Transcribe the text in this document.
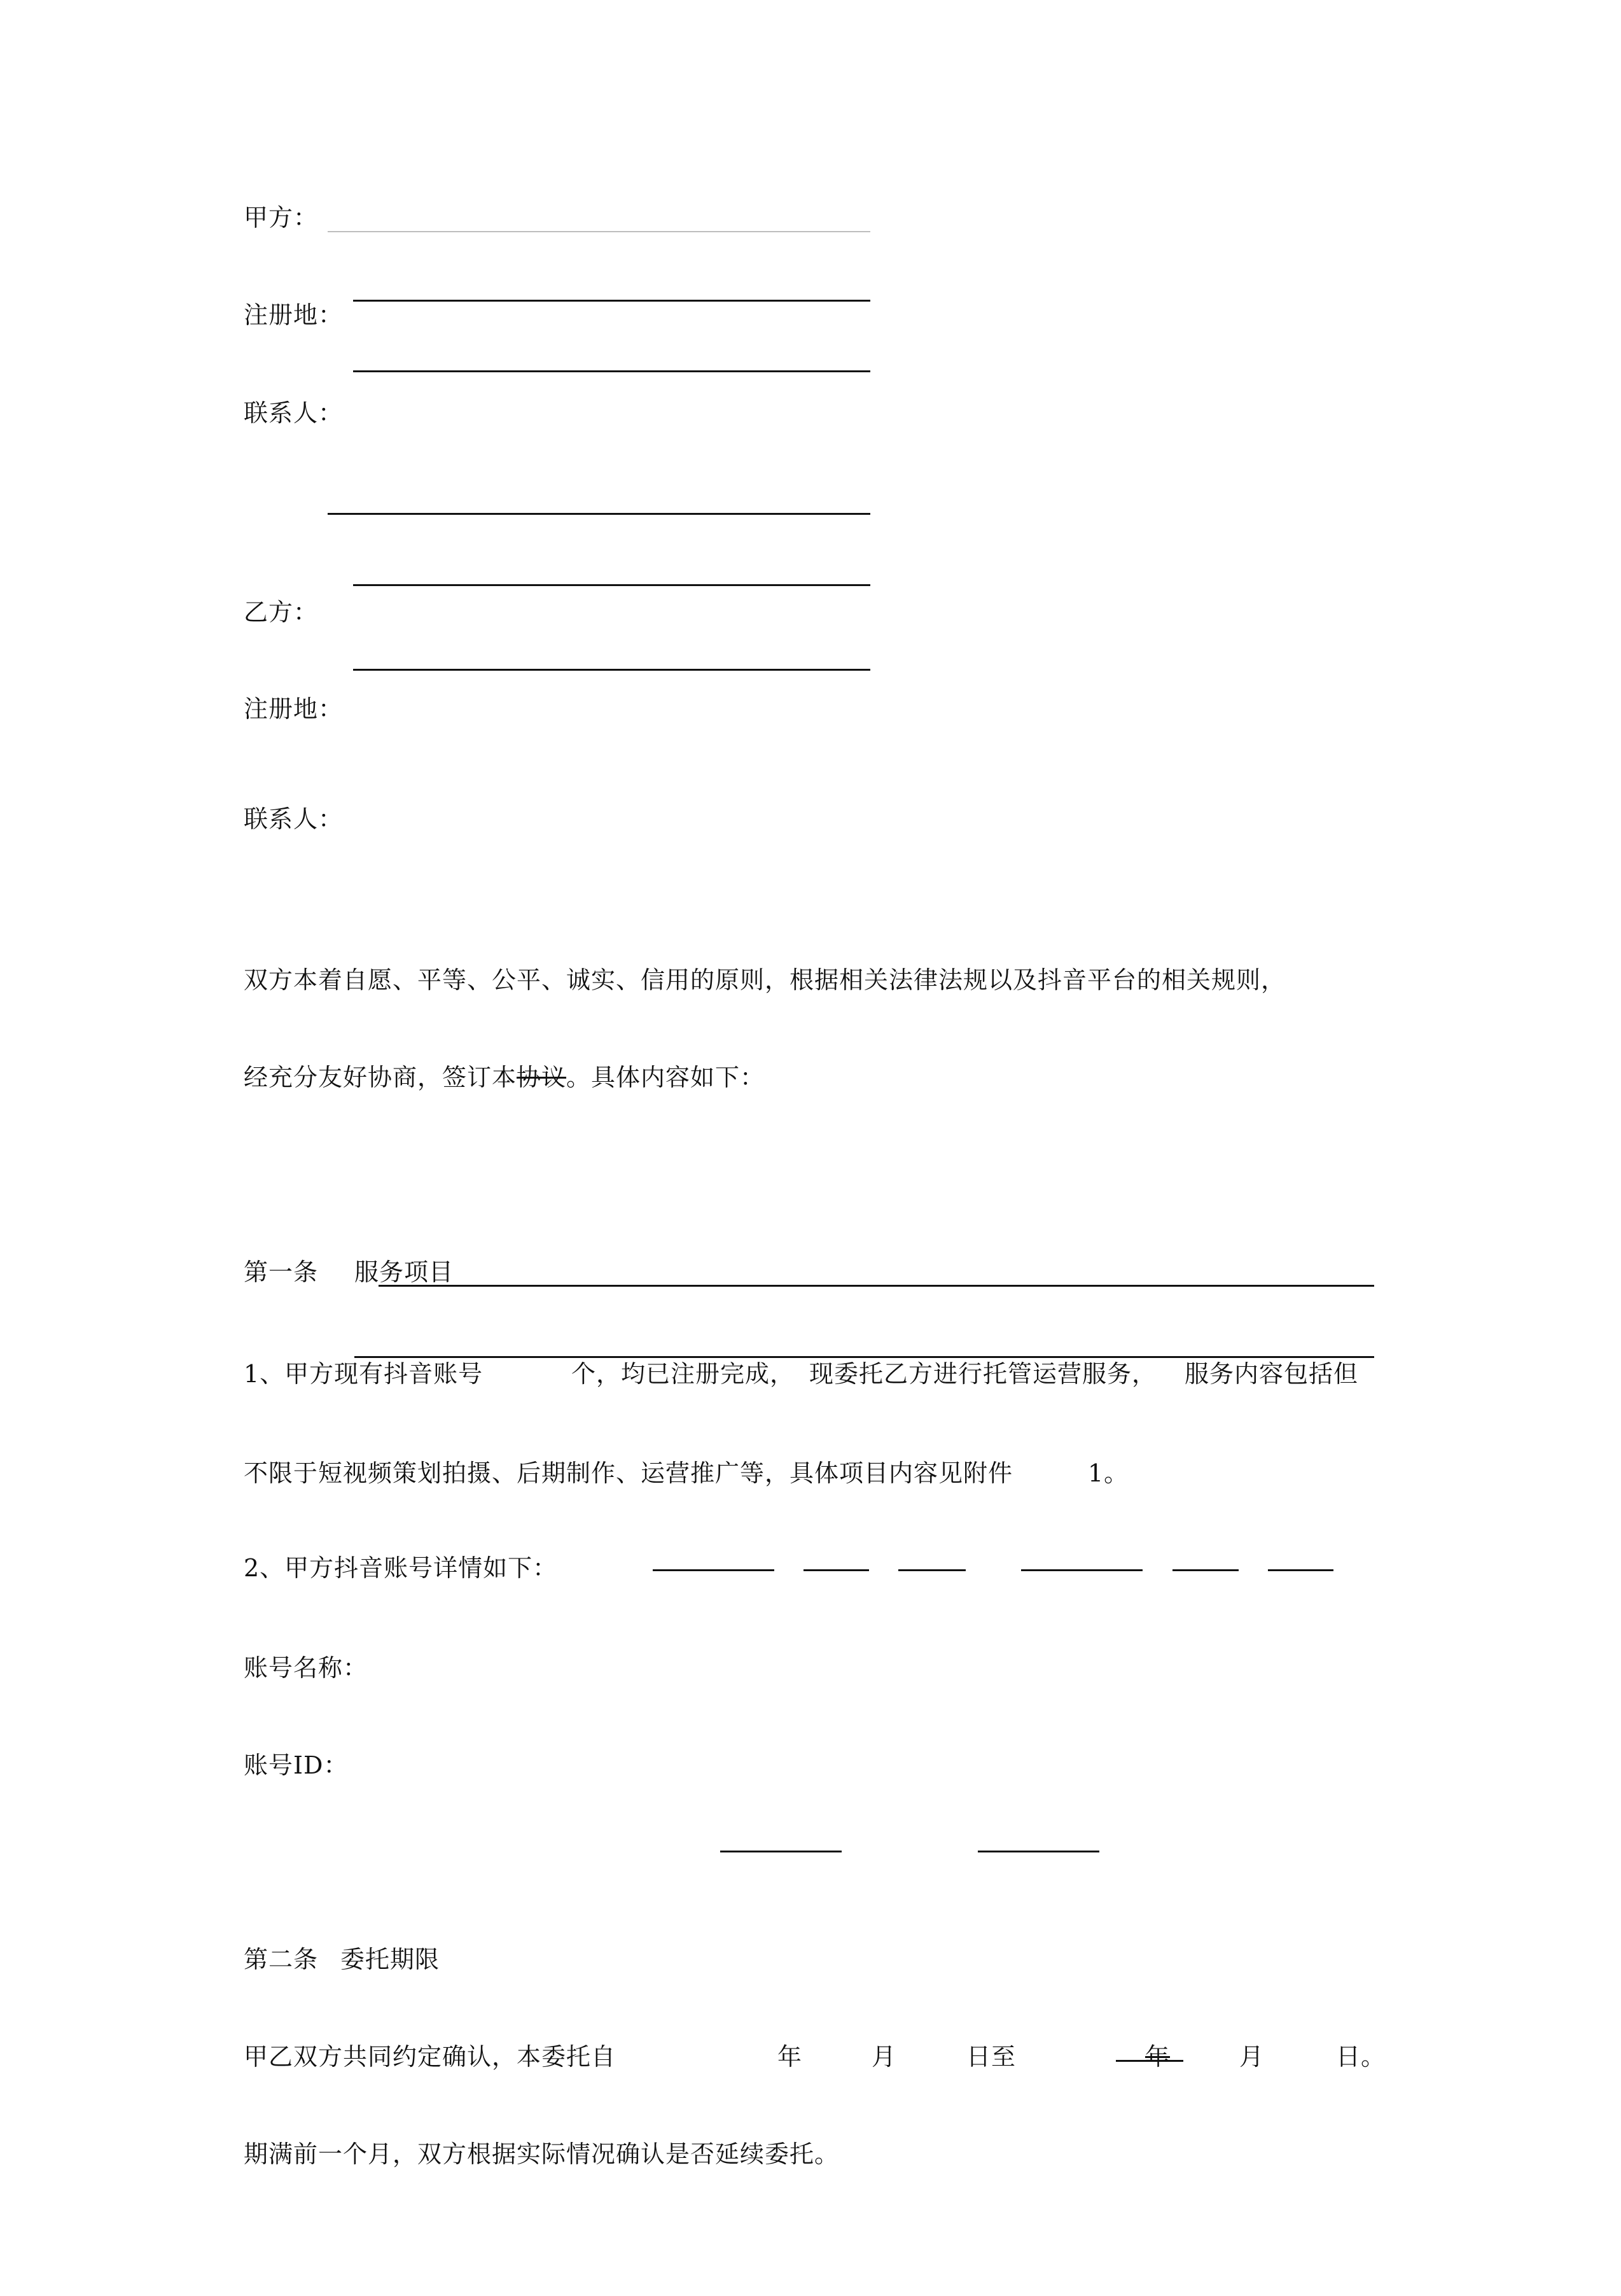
甲方：
注册地：
联系人：
乙方：
注册地：
联系人：
双方本着自愿、平等、公平、诚实、信用的原则，根据相关法律法规以及抖音平台的相关规则，
经充分友好协商，签订本协议。具体内容如下：
第一条 服务项目
1、甲方现有抖音账号	个，均已注册完成， 现委托乙方进行托管运营服务， 服务内容包括但
不限于短视频策划拍摄、后期制作、运营推广等，具体项目内容见附件	1。
2、甲方抖音账号详情如下：
账号名称：
账号ID：
第二条 委托期限
甲乙双方共同约定确认，本委托自	年	月	日至	年	月	日。
期满前一个月，双方根据实际情况确认是否延续委托。
